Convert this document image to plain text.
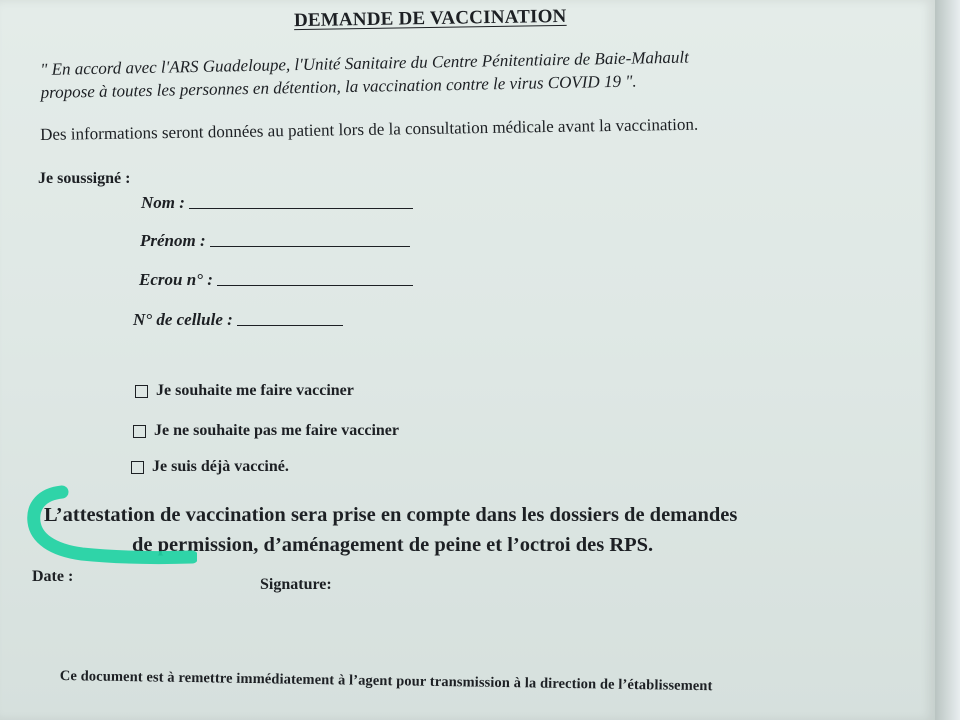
DEMANDE DE VACCINATION
" En accord avec l'ARS Guadeloupe, l'Unité Sanitaire du Centre Pénitentiaire de Baie-Mahault
propose à toutes les personnes en détention, la vaccination contre le virus COVID 19 ".
Des informations seront données au patient lors de la consultation médicale avant la vaccination.
Je soussigné :
Nom :
Prénom :
Ecrou n° :
N° de cellule :
Je souhaite me faire vacciner
Je ne souhaite pas me faire vacciner
Je suis déjà vacciné.
L’attestation de vaccination sera prise en compte dans les dossiers de demandes
de permission, d’aménagement de peine et l’octroi des RPS.
Date :	Signature:
Ce document est à remettre immédiatement à l’agent pour transmission à la direction de l’établissement
